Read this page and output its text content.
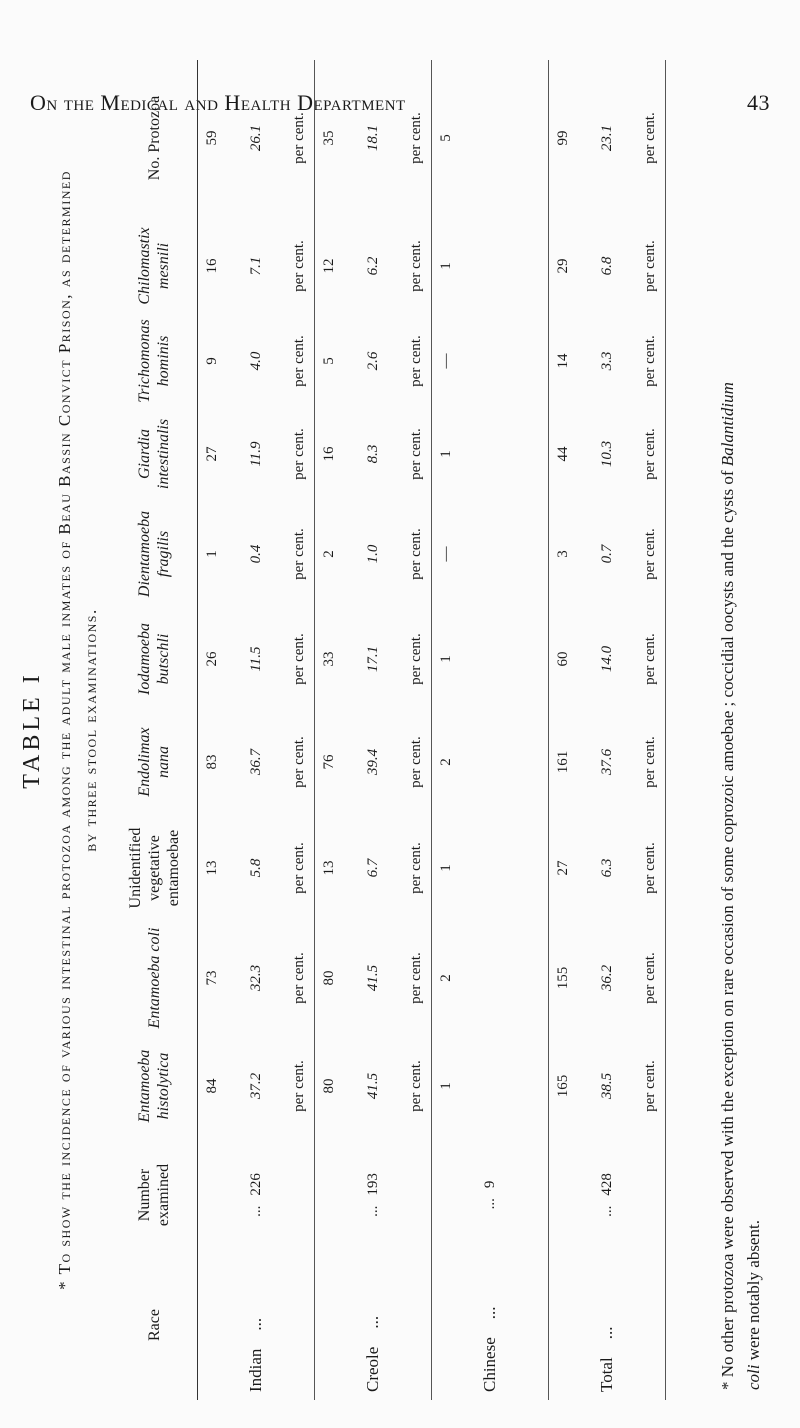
On the Medical and Health Department	43
TABLE I * To show the incidence of various intestinal protozoa among the adult male inmates of Beau Bassin Convict Prison, as determined by three stool examinations.
Race	Number examined	Entamoeba histolytica	Entamoeba coli	Unidentified vegetative entamoebae	Endolimax nana	Iodamoeba butschli	Dientamoeba fragilis	Giardia intestinalis	Trichomonas hominis	Chilomastix mesnili	No. Protozoa
Indian...	...226	84 37.2 per cent.	73 32.3 per cent.	13 5.8 per cent.	83 36.7 per cent.	26 11.5 per cent.	1 0.4 per cent.	27 11.9 per cent.	9 4.0 per cent.	16 7.1 per cent.	59 26.1 per cent.

Creole...	...193	80 41.5 per cent.	80 41.5 per cent.	13 6.7 per cent.	76 39.4 per cent.	33 17.1 per cent.	2 1.0 per cent.	16 8.3 per cent.	5 2.6 per cent.	12 6.2 per cent.	35 18.1 per cent.

Chinese...	...9	1	2	1	2	1	—	1	—	1	5

Total...	...428	165 38.5 per cent.	155 36.2 per cent.	27 6.3 per cent.	161 37.6 per cent.	60 14.0 per cent.	3 0.7 per cent.	44 10.3 per cent.	14 3.3 per cent.	29 6.8 per cent.	99 23.1 per cent.
* No other protozoa were observed with the exception on rare occasion of some coprozoic amoebae ; coccidial oocysts and the cysts of Balantidium
coli were notably absent.
